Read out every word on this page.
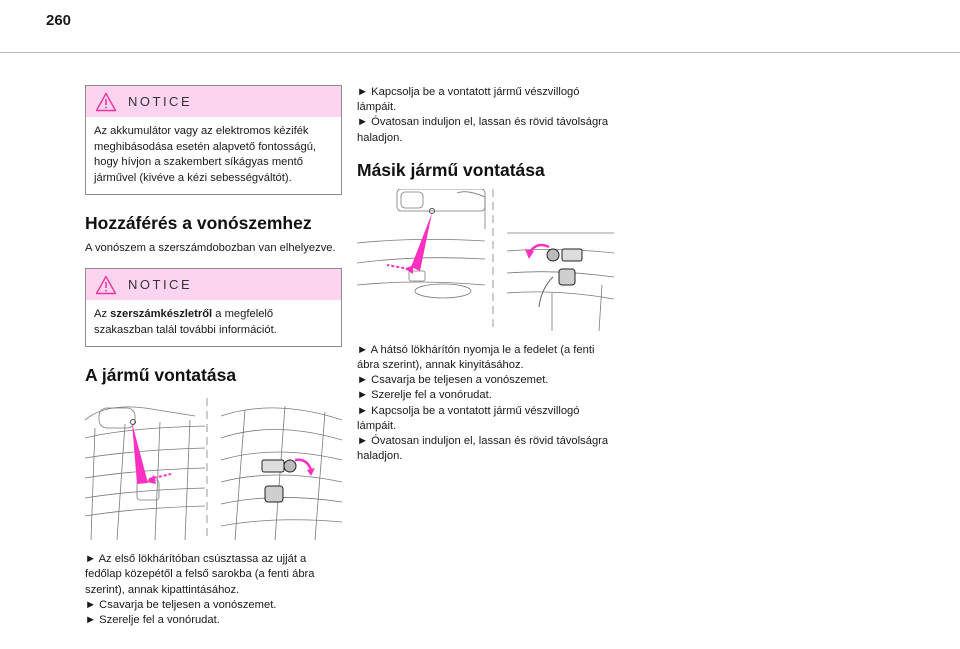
260
NOTICE
Az akkumulátor vagy az elektromos kézifék meghibásodása esetén alapvető fontosságú, hogy hívjon a szakembert síkágyas mentő járművel (kivéve a kézi sebességváltót).
Hozzáférés a vonószemhez

A vonószem a szerszámdobozban van elhelyezve.

NOTICE
Az szerszámkészletről a megfelelő szakaszban talál további információt.
A jármű vontatása

► Az első lökhárítóban csúsztassa az ujját a fedőlap közepétől a felső sarokba (a fenti ábra szerint), annak kipattintásához.

► Csavarja be teljesen a vonószemet.

► Szerelje fel a vonórudat.

► Kapcsolja be a vontatott jármű vészvillogó lámpáit.

► Óvatosan induljon el, lassan és rövid távolságra haladjon.

Másik jármű vontatása

► A hátsó lökhárítón nyomja le a fedelet (a fenti ábra szerint), annak kinyitásához.

► Csavarja be teljesen a vonószemet.

► Szerelje fel a vonórudat.

► Kapcsolja be a vontatott jármű vészvillogó lámpáit.

► Óvatosan induljon el, lassan és rövid távolságra haladjon.
